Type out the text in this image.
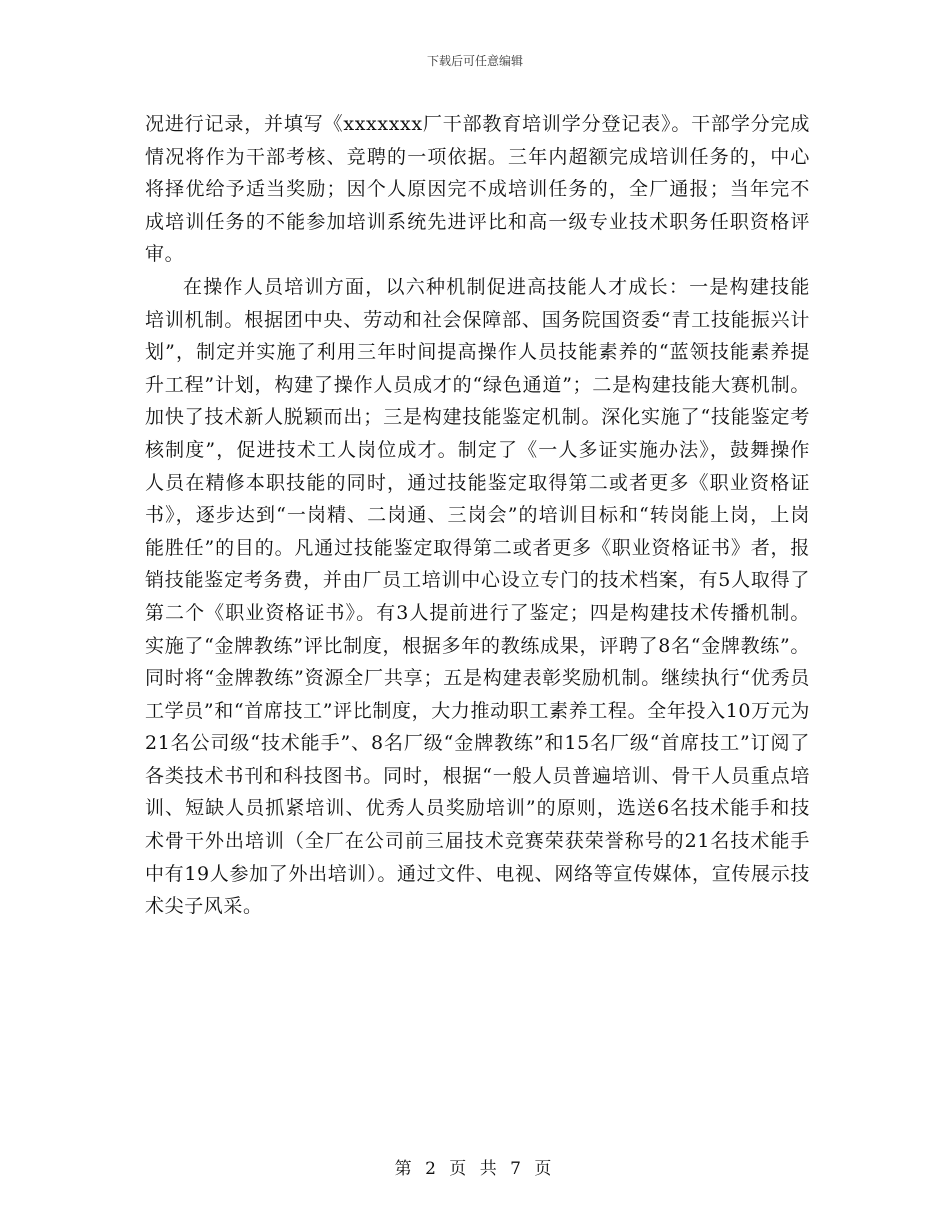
下载后可任意编辑

况进行记录，并填写《xxxxxxx厂干部教育培训学分登记表》。干部学分完成情况将作为干部考核、竞聘的一项依据。三年内超额完成培训任务的，中心将择优给予适当奖励；因个人原因完不成培训任务的，全厂通报；当年完不成培训任务的不能参加培训系统先进评比和高一级专业技术职务任职资格评审。

在操作人员培训方面，以六种机制促进高技能人才成长：一是构建技能培训机制。根据团中央、劳动和社会保障部、国务院国资委“青工技能振兴计划”，制定并实施了利用三年时间提高操作人员技能素养的“蓝领技能素养提升工程”计划，构建了操作人员成才的“绿色通道”；二是构建技能大赛机制。加快了技术新人脱颖而出；三是构建技能鉴定机制。深化实施了“技能鉴定考核制度”，促进技术工人岗位成才。制定了《一人多证实施办法》，鼓舞操作人员在精修本职技能的同时，通过技能鉴定取得第二或者更多《职业资格证书》，逐步达到“一岗精、二岗通、三岗会”的培训目标和“转岗能上岗，上岗能胜任”的目的。凡通过技能鉴定取得第二或者更多《职业资格证书》者，报销技能鉴定考务费，并由厂员工培训中心设立专门的技术档案，有5人取得了第二个《职业资格证书》。有3人提前进行了鉴定；四是构建技术传播机制。实施了“金牌教练”评比制度，根据多年的教练成果，评聘了8名“金牌教练”。同时将“金牌教练”资源全厂共享；五是构建表彰奖励机制。继续执行“优秀员工学员”和“首席技工”评比制度，大力推动职工素养工程。全年投入10万元为21名公司级“技术能手”、8名厂级“金牌教练”和15名厂级“首席技工”订阅了各类技术书刊和科技图书。同时，根据“一般人员普遍培训、骨干人员重点培训、短缺人员抓紧培训、优秀人员奖励培训”的原则，选送6名技术能手和技术骨干外出培训（全厂在公司前三届技术竞赛荣获荣誉称号的21名技术能手中有19人参加了外出培训）。通过文件、电视、网络等宣传媒体，宣传展示技术尖子风采。

第 2 页 共 7 页
